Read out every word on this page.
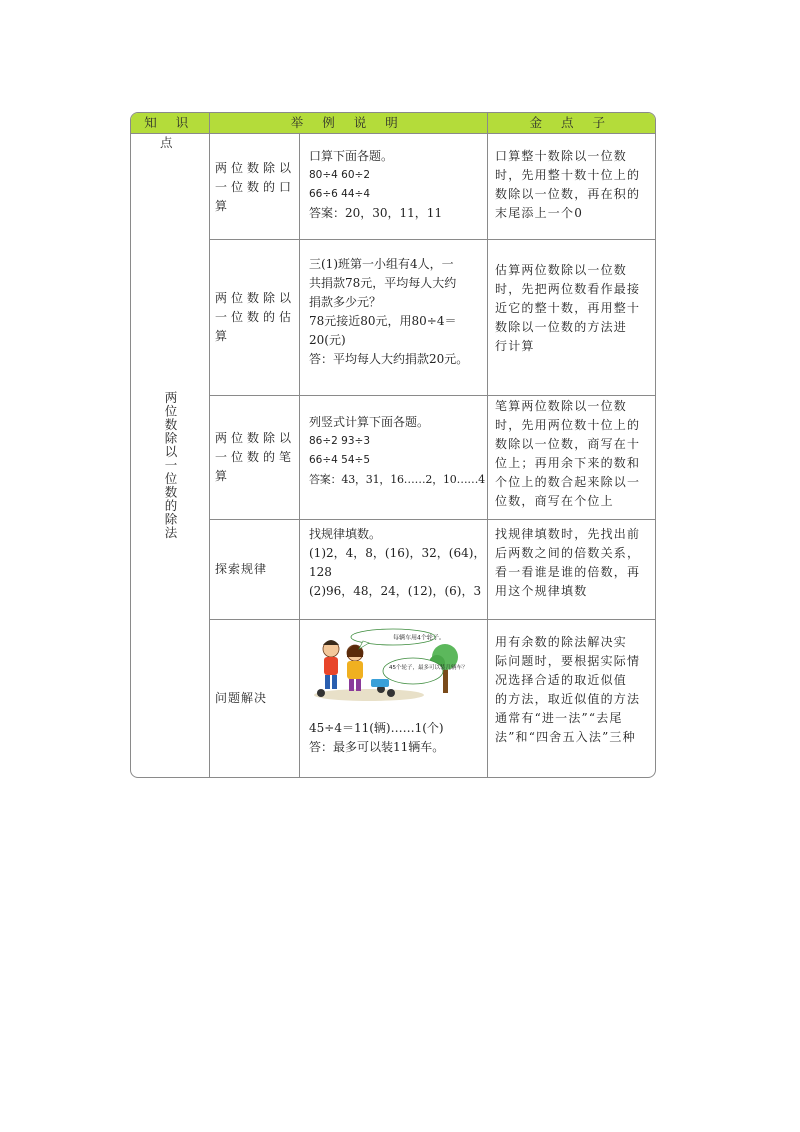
知 识 点
举 例 说 明	金 点 子
两位数除以一位数的除法
两位数除以
一位数的口
算
口算下面各题。
80÷4 60÷2
66÷6 44÷4
答案：20，30，11，11
口算整十数除以一位数
时，先用整十数十位上的
数除以一位数，再在积的
末尾添上一个0
两位数除以
一位数的估
算
三(1)班第一小组有4人，一
共捐款78元，平均每人大约
捐款多少元？
78元接近80元，用80÷4＝
20(元)
答：平均每人大约捐款20元。
估算两位数除以一位数
时，先把两位数看作最接
近它的整十数，再用整十
数除以一位数的方法进
行计算
两位数除以
一位数的笔
算
列竖式计算下面各题。
86÷2 93÷3
66÷4 54÷5
答案：43，31，16……2，10……4
笔算两位数除以一位数
时，先用两位数十位上的
数除以一位数，商写在十
位上；再用余下来的数和
个位上的数合起来除以一
位数，商写在个位上
探索规律
找规律填数。
(1)2，4，8，(16)，32，(64)，
128
(2)96，48，24，(12)，(6)，3
找规律填数时，先找出前
后两数之间的倍数关系，
看一看谁是谁的倍数，再
用这个规律填数
问题解决
每辆车用4个轮子。
45个轮子，最多可以装几辆车？
45÷4＝11(辆)……1(个)
答：最多可以装11辆车。
用有余数的除法解决实
际问题时，要根据实际情
况选择合适的取近似值
的方法，取近似值的方法
通常有“进一法”“去尾
法”和“四舍五入法”三种
